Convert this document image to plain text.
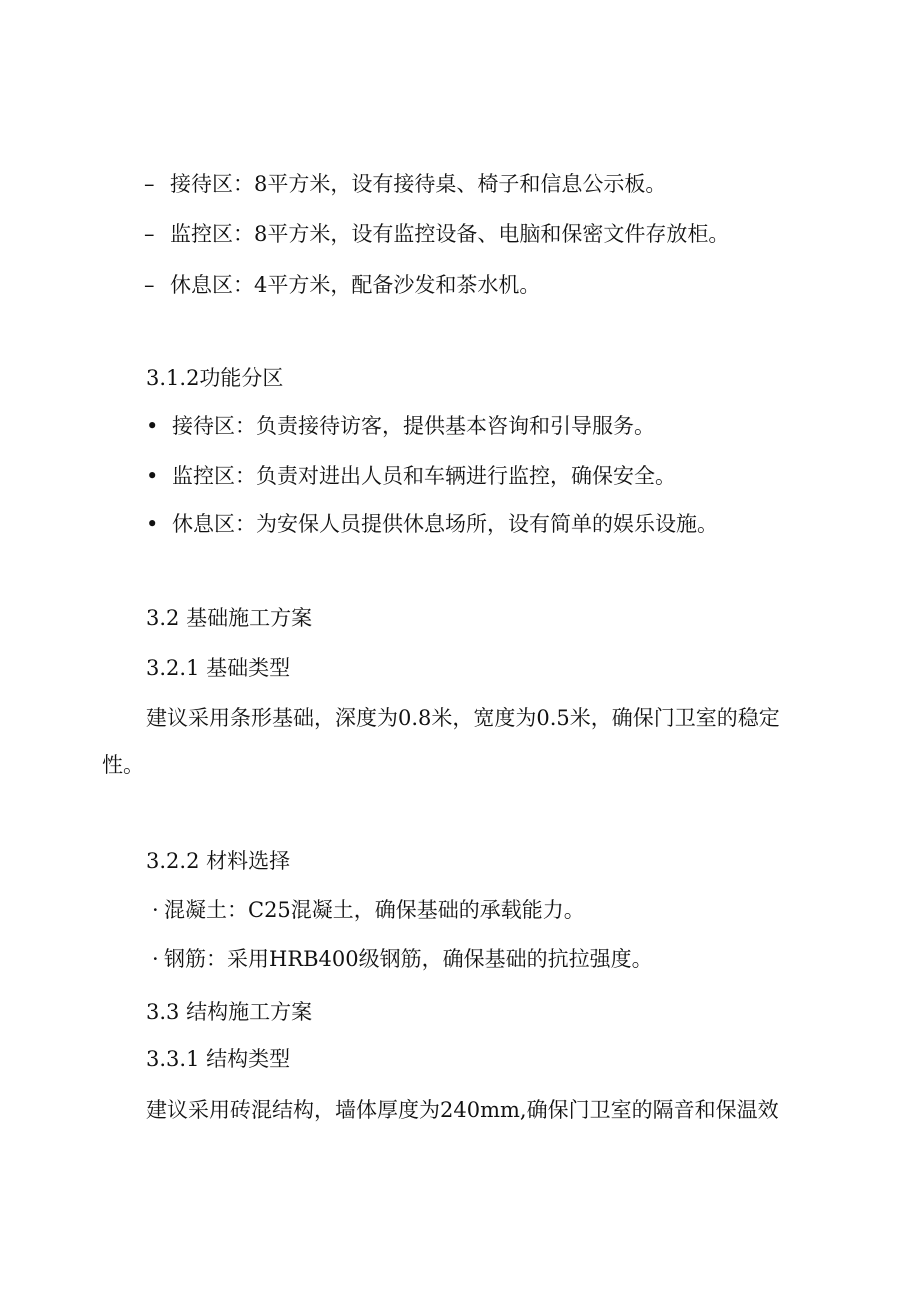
– 接待区：8平方米，设有接待桌、椅子和信息公示板。
– 监控区：8平方米，设有监控设备、电脑和保密文件存放柜。
– 休息区：4平方米，配备沙发和茶水机。
3.1.2功能分区
• 接待区：负责接待访客，提供基本咨询和引导服务。
• 监控区：负责对进出人员和车辆进行监控，确保安全。
• 休息区：为安保人员提供休息场所，设有简单的娱乐设施。
3.2 基础施工方案
3.2.1 基础类型
建议采用条形基础，深度为0.8米，宽度为0.5米，确保门卫室的稳定
性。
3.2.2 材料选择
· 混凝土：C25混凝土，确保基础的承载能力。
· 钢筋：采用HRB400级钢筋，确保基础的抗拉强度。
3.3 结构施工方案
3.3.1 结构类型
建议采用砖混结构，墙体厚度为240mm,确保门卫室的隔音和保温效
